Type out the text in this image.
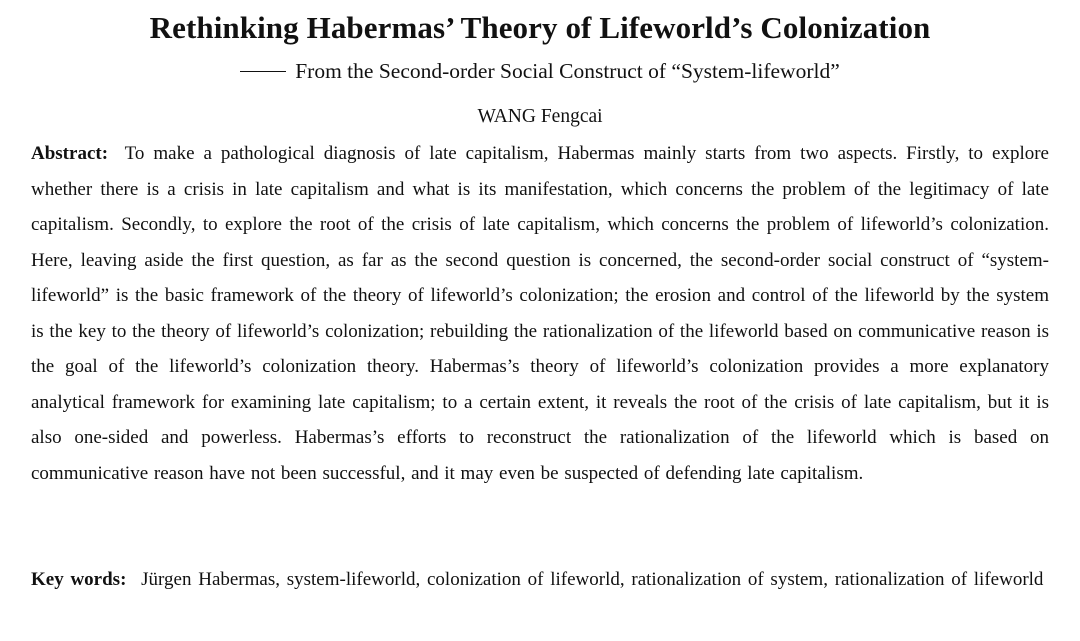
Rethinking Habermas’ Theory of Lifeworld’s Colonization
From the Second-order Social Construct of “System-lifeworld”
WANG Fengcai
Abstract: To make a pathological diagnosis of late capitalism, Habermas mainly starts from two aspects. Firstly, to explore whether there is a crisis in late capitalism and what is its manifestation, which concerns the problem of the legitimacy of late capitalism. Secondly, to explore the root of the crisis of late capitalism, which concerns the problem of lifeworld’s colonization. Here, leaving aside the first question, as far as the second question is concerned, the second-order social construct of “system-lifeworld” is the basic framework of the theory of lifeworld’s colonization; the erosion and control of the lifeworld by the system is the key to the theory of lifeworld’s colonization; rebuilding the rationalization of the lifeworld based on communicative reason is the goal of the lifeworld’s colonization theory. Habermas’s theory of lifeworld’s colonization provides a more explanatory analytical framework for examining late capitalism; to a certain extent, it reveals the root of the crisis of late capitalism, but it is also one-sided and powerless. Habermas’s efforts to reconstruct the rationalization of the lifeworld which is based on communicative reason have not been successful, and it may even be suspected of defending late capitalism.
Key words: Jürgen Habermas, system-lifeworld, colonization of lifeworld, rationalization of system, rationalization of lifeworld
